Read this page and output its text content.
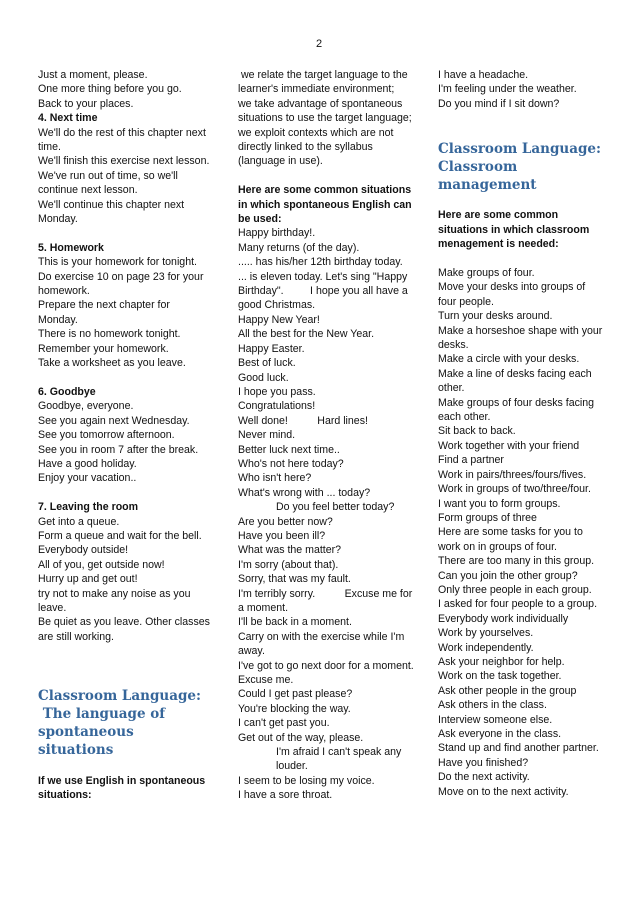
2
Just a moment, please.
One more thing before you go.
Back to your places.
4. Next time
We'll do the rest of this chapter next time.
We'll finish this exercise next lesson.
We've run out of time, so we'll continue next lesson.
We'll continue this chapter next Monday.
5. Homework
This is your homework for tonight.
Do exercise 10 on page 23 for your homework.
Prepare the next chapter for Monday.
There is no homework tonight.
Remember your homework.
Take a worksheet as you leave.
6. Goodbye
Goodbye, everyone.
See you again next Wednesday.
See you tomorrow afternoon.
See you in room 7 after the break.
Have a good holiday.
Enjoy your vacation..
7. Leaving the room
Get into a queue.
Form a queue and wait for the bell.
Everybody outside!
All of you, get outside now!
Hurry up and get out!
try not to make any noise as you leave.
Be quiet as you leave. Other classes are still working.
Classroom Language:
The language of spontaneous situations
If we use English in spontaneous situations:
we relate the target language to the learner's immediate environment;
we take advantage of spontaneous situations to use the target language;
we exploit contexts which are not directly linked to the syllabus (language in use).
Here are some common situations in which spontaneous English can be used:
Happy birthday!.
Many returns (of the day).
..... has his/her 12th birthday today.
... is eleven today. Let's sing "Happy Birthday".         I hope you all have a good Christmas.
Happy New Year!
All the best for the New Year.
Happy Easter.
Best of luck.
Good luck.
I hope you pass.
Congratulations!
Well done!          Hard lines!
Never mind.
Better luck next time..
Who's not here today?
Who isn't here?
What's wrong with ... today?
Do you feel better today?
Are you better now?
Have you been ill?
What was the matter?
I'm sorry (about that).
Sorry, that was my fault.
I'm terribly sorry.          Excuse me for a moment.
I'll be back in a moment.
Carry on with the exercise while I'm away.
I've got to go next door for a moment.
Excuse me.
Could I get past please?
You're blocking the way.
I can't get past you.
Get out of the way, please.
I'm afraid I can't speak any louder.
I seem to be losing my voice.
I have a sore throat.
I have a headache.
I'm feeling under the weather.
Do you mind if I sit down?
Classroom Language: Classroom management
Here are some common situations in which classroom menagement is needed:
Make groups of four.
Move your desks into groups of four people.
Turn your desks around.
Make a horseshoe shape with your desks.
Make a circle with your desks.
Make a line of desks facing each other.
Make groups of four desks facing each other.
Sit back to back.
Work together with your friend
Find a partner
Work in pairs/threes/fours/fives.
Work in groups of two/three/four.
I want you to form groups.
Form groups of three
Here are some tasks for you to work on in groups of four.
There are too many in this group.
Can you join the other group?
Only three people in each group.
I asked for four people to a group.
Everybody work individually
Work by yourselves.
Work independently.
Ask your neighbor for help.
Work on the task together.
Ask other people in the group
Ask others in the class.
Interview someone else.
Ask everyone in the class.
Stand up and find another partner.
Have you finished?
Do the next activity.
Move on to the next activity.
